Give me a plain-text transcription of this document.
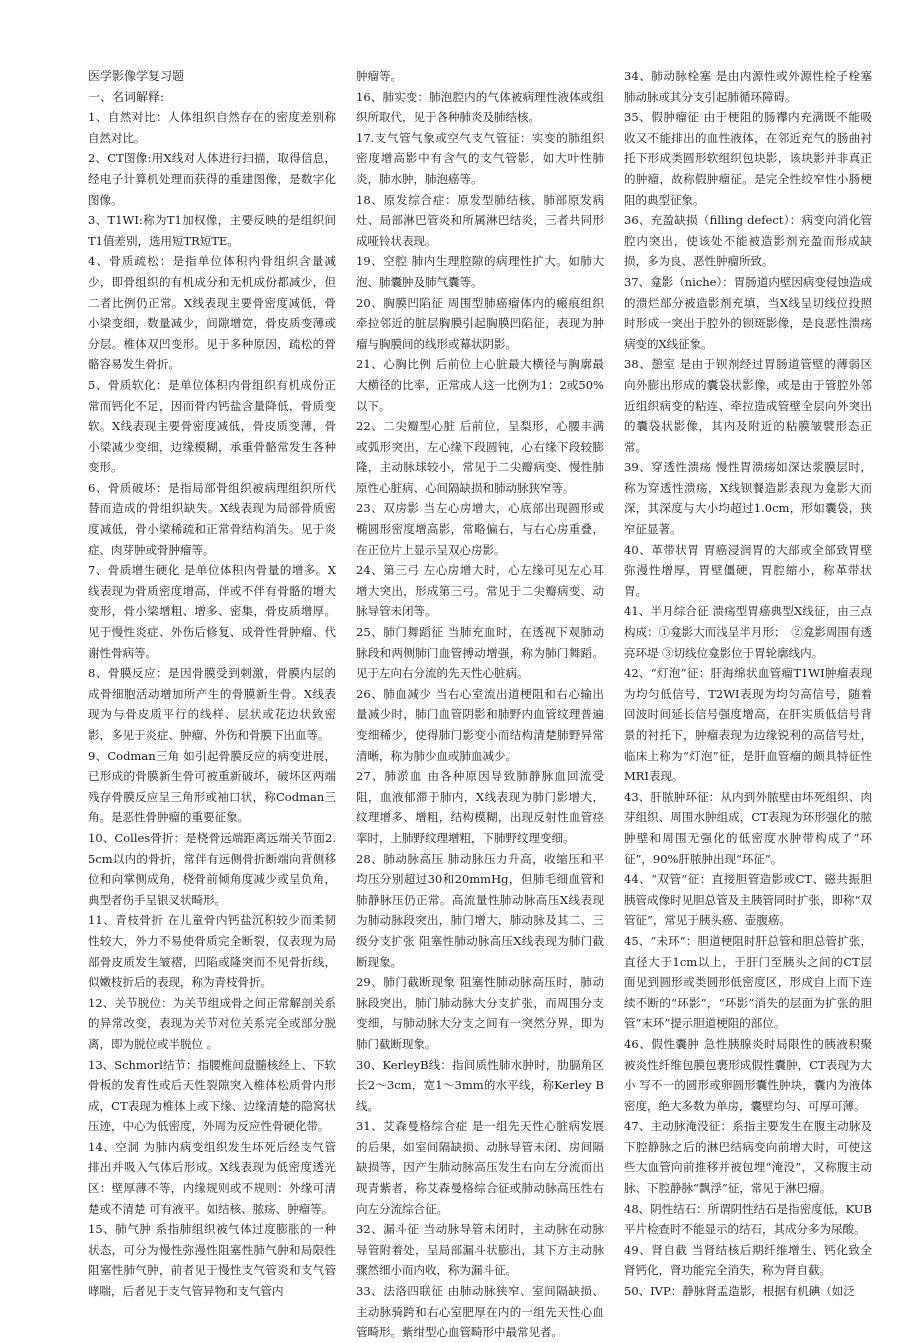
医学影像学复习题

一、名词解释:

1、自然对比：人体组织自然存在的密度差别称自然对比。

2、CT图像:用X线对人体进行扫描，取得信息，经电子计算机处理而获得的重建图像，是数字化图像。

3、T1WI:称为T1加权像，主要反映的是组织间T1值差别，选用短TR短TE。

4、骨质疏松：是指单位体积内骨组织含量减少，即骨组织的有机成分和无机成份都减少，但二者比例仍正常。X线表现主要骨密度减低，骨小梁变细，数量减少，间隙增宽，骨皮质变薄或分层。椎体双凹变形。见于多种原因，疏松的骨骼容易发生骨折。

5、骨质软化：是单位体积内骨组织有机成份正常而钙化不足，因而骨内钙盐含量降低，骨质变软。X线表现主要骨密度减低，骨皮质变薄，骨小梁减少变细，边缘模糊，承重骨骼常发生各种变形。

6、骨质破坏：是指局部骨组织被病理组织所代替而造成的骨组织缺失。X线表现为局部骨质密度减低，骨小梁稀疏和正常骨结构消失。见于炎症、肉芽肿或骨肿瘤等。

7、骨质增生硬化 是单位体积内骨量的增多。X线表现为骨质密度增高，伴或不伴有骨骼的增大变形，骨小梁增粗、增多、密集，骨皮质增厚。见于慢性炎症、外伤后修复、成骨性骨肿瘤、代谢性骨病等。

8、骨膜反应：是因骨膜受到刺激，骨膜内层的成骨细胞活动增加所产生的骨膜新生骨。X线表现为与骨皮质平行的线样、层状或花边状致密影，多见于炎症、肿瘤、外伤和骨膜下出血等。

9、Codman三角 如引起骨膜反应的病变进展，已形成的骨膜新生骨可被重新破坏，破坏区两端残存骨膜反应呈三角形或袖口状，称Codman三角。是恶性骨肿瘤的重要征象。

10、Colles骨折：是桡骨远端距离远端关节面2.5cm以内的骨折，常伴有远侧骨折断端向背侧移位和向掌侧成角，桡骨前倾角度减少或呈负角，典型者伤手呈银叉状畸形。

11、青枝骨折 在儿童骨内钙盐沉积较少而柔韧性较大，外力不易使骨质完全断裂，仅表现为局部骨皮质发生皱褶，凹陷或隆突而不见骨折线，似嫩枝折后的表现，称为青枝骨折。

12、关节脱位：为关节组成骨之间正常解剖关系的异常改变，表现为关节对位关系完全或部分脱离，即为脱位或半脱位 。

13、Schmorl结节：指腰椎间盘髓核经上、下软骨板的发育性或后天性裂隙突入椎体松质骨内形成，CT表现为椎体上或下缘、边缘清楚的隐窝状压迹，中心为低密度，外周为反应性骨硬化带。

14、空洞 为肺内病变组织发生坏死后经支气管排出并吸入气体后形成。X线表现为低密度透光区：壁厚薄不等，内缘规则或不规则：外缘可清楚或不清楚 可有液平。如结核、脓疡、肿瘤等。

15、肺气肿 系指肺组织被气体过度膨胀的一种状态，可分为慢性弥漫性阻塞性肺气肿和局限性阻塞性肺气肿，前者见于慢性支气管炎和支气管哮喘，后者见于支气管异物和支气管内

肿瘤等。

16、肺实变：肺泡腔内的气体被病理性液体或组织所取代，见于各种肺炎及肺结核。

17.支气管气象或空气支气管征：实变的肺组织密度增高影中有含气的支气管影，如大叶性肺炎，肺水肿，肺泡癌等。

18、原发综合症：原发型肺结核，肺部原发病灶、局部淋巴管炎和所属淋巴结炎，三者共同形成哑铃状表现。

19、空腔 肺内生理腔隙的病理性扩大。如肺大泡、肺囊肿及肺气囊等。

20、胸膜凹陷征 周围型肺癌瘤体内的瘢痕组织牵拉邻近的脏层胸膜引起胸膜凹陷征，表现为肿瘤与胸膜间的线形或幕状阴影。

21、心胸比例 后前位上心脏最大横径与胸廓最大横径的比率，正常成人这一比例为1：2或50%以下。

22、二尖瓣型心脏 后前位，呈梨形，心腰丰满或弧形突出，左心缘下段圆钝，心右缘下段较膨隆，主动脉球较小，常见于二尖瓣病变、慢性肺原性心脏病、心间隔缺损和肺动脉狭窄等。

23、双房影 当左心房增大，心底部出现圆形或椭圆形密度增高影，常略偏右，与右心房重叠，在正位片上显示呈双心房影。

24、第三弓 左心房增大时，心左缘可见左心耳增大突出，形成第三弓。常见于二尖瓣病变、动脉导管未闭等。

25、肺门舞蹈征 当肺充血时，在透视下观肺动脉段和两侧肺门血管搏动增强，称为肺门舞蹈。见于左向右分流的先天性心脏病。

26、肺血减少 当右心室流出道梗阻和右心输出量减少时，肺门血管阴影和肺野内血管纹理普遍变细稀少，使得肺门影变小而结构清楚肺野异常清晰，称为肺少血或肺血减少。

27、肺淤血 由各种原因导致肺静脉血回流受阻，血液郁滞于肺内，X线表现为肺门影增大，纹理增多、增粗，结构模糊，出现反射性血管痉挛时，上肺野纹理增粗，下肺野纹理变细。

28、肺动脉高压 肺动脉压力升高，收缩压和平均压分别超过30和20mmHg，但肺毛细血管和肺静脉压仍正常。高流量性肺动脉高压X线表现为肺动脉段突出，肺门增大，肺动脉及其二、三级分支扩张 阻塞性肺动脉高压X线表现为肺门截断现象。

29、肺门截断现象 阻塞性肺动脉高压时，肺动脉段突出，肺门肺动脉大分支扩张，而周围分支变细，与肺动脉大分支之间有一突然分界，即为肺门截断现象。

30、KerleyB线：指间质性肺水肿时，肋膈角区长2～3cm，宽1～3mm的水平线，称Kerley B线。

31、艾森曼格综合症 是一组先天性心脏病发展的后果，如室间隔缺损、动脉导管未闭、房间隔缺损等，因产生肺动脉高压发生右向左分流而出现青紫者，称艾森曼格综合征或肺动脉高压性右向左分流综合征。

32、漏斗征 当动脉导管未闭时，主动脉在动脉导管附着处，呈局部漏斗状膨出，其下方主动脉骤然细小而内收，称为漏斗征。

33、法洛四联征 由肺动脉狭窄、室间隔缺损、主动脉骑跨和右心室肥厚在内的一组先天性心血管畸形。紫绀型心血管畸形中最常见者。

34、肺动脉栓塞 是由内源性或外源性栓子栓塞肺动脉或其分支引起肺循环障碍。

35、假肿瘤征 由于梗阻的肠襻内充满既不能吸收又不能排出的血性液体，在邻近充气的肠曲衬托下形成类圆形软组织包块影，该块影并非真正的肿瘤，故称假肿瘤征。是完全性绞窄性小肠梗阻的典型征象。

36、充盈缺损（filling defect）：病变向消化管腔内突出，使该处不能被造影剂充盈而形成缺损，多为良、恶性肿瘤所致。

37、龛影（niche）：胃肠道内壁因病变侵蚀造成的溃烂部分被造影剂充填，当X线呈切线位投照时形成一突出于腔外的钡斑影像，是良恶性溃疡病变的X线征象。

38、憩室 是由于钡剂经过胃肠道管壁的薄弱区向外膨出形成的囊袋状影像，或是由于管腔外邻近组织病变的粘连、牵拉造成管壁全层向外突出的囊袋状影像，其内及附近的粘膜皱襞形态正常。

39、穿透性溃疡 慢性胃溃疡如深达浆膜层时，称为穿透性溃疡，X线钡餐造影表现为龛影大而深，其深度与大小均超过1.0cm，形如囊袋，狭窄征显著。

40、革带状胃 胃癌浸润胃的大部或全部致胃壁弥漫性增厚，胃壁僵硬，胃腔缩小，称革带状胃。

41、半月综合征 溃疡型胃癌典型X线征，由三点构成：①龛影大而浅呈半月形；　②龛影周围有透亮环堤 ③切线位龛影位于胃轮廓线内。

42、“灯泡”征：肝海绵状血管瘤T1WI肿瘤表现为均匀低信号，T2WI表现为均匀高信号，随着回波时间延长信号强度增高，在肝实质低信号背景的衬托下，肿瘤表现为边缘锐利的高信号灶，临床上称为“灯泡”征，是肝血管瘤的颇具特征性MRI表现。

43、肝脓肿环征：从内到外脓壁由坏死组织、肉芽组织、周围水肿组成，CT表现为环形强化的脓肿壁和周围无强化的低密度水肿带构成了“环征”，90%肝脓肿出现“环征”。

44、“双管”征：直接胆管造影或CT、磁共振胆胰管成像时见胆总管及主胰管同时扩张，即称“双管征”，常见于胰头癌、壶腹癌。

45、“未环”：胆道梗阻时肝总管和胆总管扩张，直径大于1cm以上，于肝门至胰头之间的CT层面见到圆形或类圆形低密度区，形成自上而下连续不断的“环影”，“环影”消失的层面为扩张的胆管“末环”提示胆道梗阻的部位。

46、假性囊肿 急性胰腺炎时局限性的胰液积聚被炎性纤维包膜包裹形成假性囊肿，CT表现为大小 写不一的圆形或卵圆形囊性肿块，囊内为液体密度，绝大多数为单房，囊壁均匀、可厚可薄。

47、主动脉淹没征：系指主要发生在腹主动脉及下腔静脉之后的淋巴结病变向前增大时，可使这些大血管向前推移并被包埋“淹没”，又称腹主动脉、下腔静脉“飘浮”征，常见于淋巴瘤。

48、阴性结石：所谓阴性结石是指密度低，KUB平片检查时不能显示的结石，其成分多为尿酸。

49、肾自截 当肾结核后期纤维增生、钙化致全肾钙化，肾功能完全消失，称为肾自截。

50、IVP：静脉肾盂造影，根据有机碘（如泛
